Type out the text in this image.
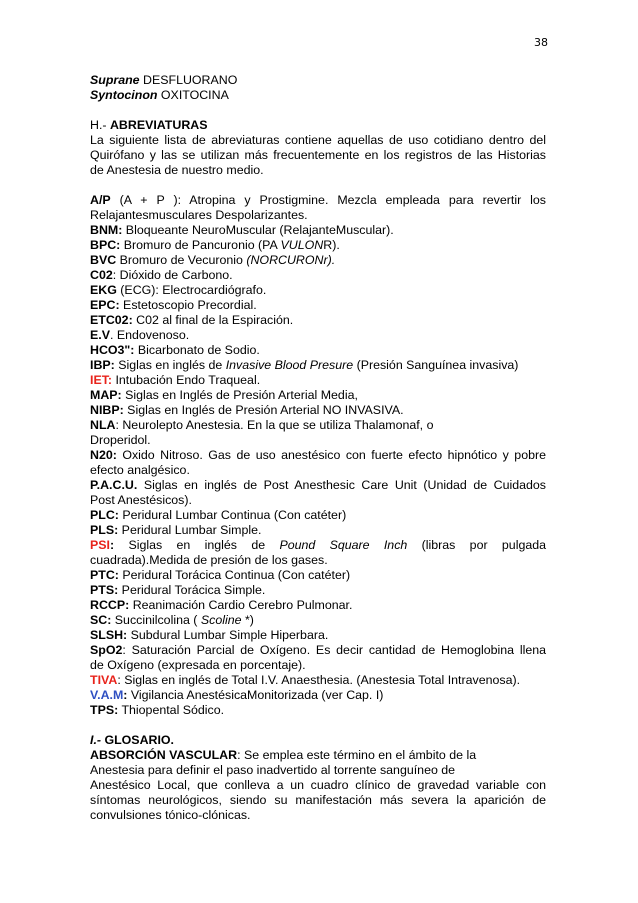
38
Suprane DESFLUORANO
Syntocinon OXITOCINA
H.- ABREVIATURAS
La siguiente lista de abreviaturas contiene aquellas de uso cotidiano dentro del
Quirófano y las se utilizan más frecuentemente en los registros de las Historias
de Anestesia de nuestro medio.
A/P (A + P ): Atropina y Prostigmine. Mezcla empleada para revertir los
Relajantesmusculares Despolarizantes.
BNM: Bloqueante NeuroMuscular (RelajanteMuscular).
BPC: Bromuro de Pancuronio (PA VULONR).
BVC Bromuro de Vecuronio (NORCURONr).
C02: Dióxido de Carbono.
EKG (ECG): Electrocardiógrafo.
EPC: Estetoscopio Precordial.
ETC02: C02 al final de la Espiración.
E.V. Endovenoso.
HCO3": Bicarbonato de Sodio.
IBP: Siglas en inglés de Invasive Blood Presure (Presión Sanguínea invasiva)
IET: Intubación Endo Traqueal.
MAP: Siglas en Inglés de Presión Arterial Media,
NIBP: Siglas en Inglés de Presión Arterial NO INVASIVA.
NLA: Neurolepto Anestesia. En la que se utiliza Thalamonaf, o
Droperidol.
N20: Oxido Nitroso. Gas de uso anestésico con fuerte efecto hipnótico y pobre
efecto analgésico.
P.A.C.U. Siglas en inglés de Post Anesthesic Care Unit (Unidad de Cuidados
Post Anestésicos).
PLC: Peridural Lumbar Continua (Con catéter)
PLS: Peridural Lumbar Simple.
PSI: Siglas en inglés de Pound Square Inch (libras por pulgada
cuadrada).Medida de presión de los gases.
PTC: Peridural Torácica Continua (Con catéter)
PTS: Peridural Torácica Simple.
RCCP: Reanimación Cardio Cerebro Pulmonar.
SC: Succinilcolina ( Scoline *)
SLSH: Subdural Lumbar Simple Hiperbara.
SpO2: Saturación Parcial de Oxígeno. Es decir cantidad de Hemoglobina llena
de Oxígeno (expresada en porcentaje).
TIVA: Siglas en inglés de Total I.V. Anaesthesia. (Anestesia Total Intravenosa).
V.A.M: Vigilancia AnestésicaMonitorizada (ver Cap. I)
TPS: Thiopental Sódico.
I.- GLOSARIO.
ABSORCIÓN VASCULAR: Se emplea este término en el ámbito de la
Anestesia para definir el paso inadvertido al torrente sanguíneo de
Anestésico Local, que conlleva a un cuadro clínico de gravedad variable con
síntomas neurológicos, siendo su manifestación más severa la aparición de
convulsiones tónico-clónicas.
